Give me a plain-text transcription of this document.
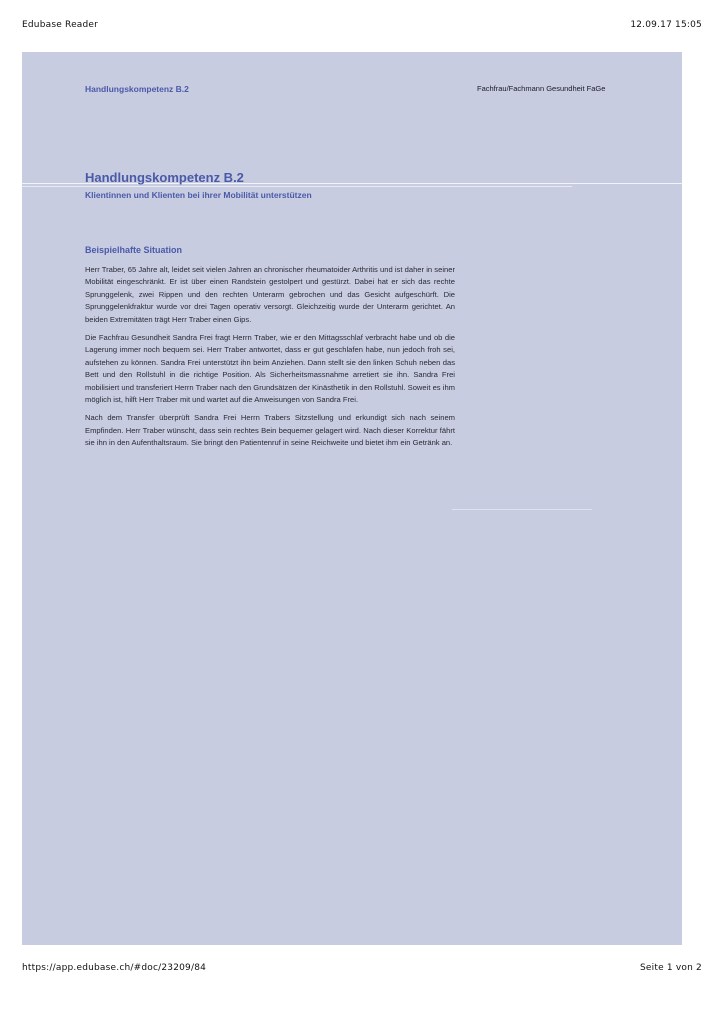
Edubase Reader	12.09.17 15:05
Handlungskompetenz B.2	Fachfrau/Fachmann Gesundheit FaGe
Handlungskompetenz B.2
Klientinnen und Klienten bei ihrer Mobilität unterstützen
Beispielhafte Situation

Herr Traber, 65 Jahre alt, leidet seit vielen Jahren an chronischer rheumatoider Arthritis und ist daher in seiner Mobilität eingeschränkt. Er ist über einen Randstein gestolpert und gestürzt. Dabei hat er sich das rechte Sprunggelenk, zwei Rippen und den rechten Unterarm gebrochen und das Gesicht aufgeschürft. Die Sprunggelenkfraktur wurde vor drei Tagen operativ versorgt. Gleichzeitig wurde der Unterarm gerichtet. An beiden Extremitäten trägt Herr Traber einen Gips.

Die Fachfrau Gesundheit Sandra Frei fragt Herrn Traber, wie er den Mittagsschlaf verbracht habe und ob die Lagerung immer noch bequem sei. Herr Traber antwortet, dass er gut geschlafen habe, nun jedoch froh sei, aufstehen zu können. Sandra Frei unterstützt ihn beim Anziehen. Dann stellt sie den linken Schuh neben das Bett und den Rollstuhl in die richtige Position. Als Sicherheitsmassnahme arretiert sie ihn. Sandra Frei mobilisiert und transferiert Herrn Traber nach den Grundsätzen der Kinästhetik in den Rollstuhl. Soweit es ihm möglich ist, hilft Herr Traber mit und wartet auf die Anweisungen von Sandra Frei.

Nach dem Transfer überprüft Sandra Frei Herrn Trabers Sitzstellung und erkundigt sich nach seinem Empfinden. Herr Traber wünscht, dass sein rechtes Bein bequemer gelagert wird. Nach dieser Korrektur fährt sie ihn in den Aufenthaltsraum. Sie bringt den Patientenruf in seine Reichweite und bietet ihm ein Getränk an.

https://app.edubase.ch/#doc/23209/84	Seite 1 von 2
